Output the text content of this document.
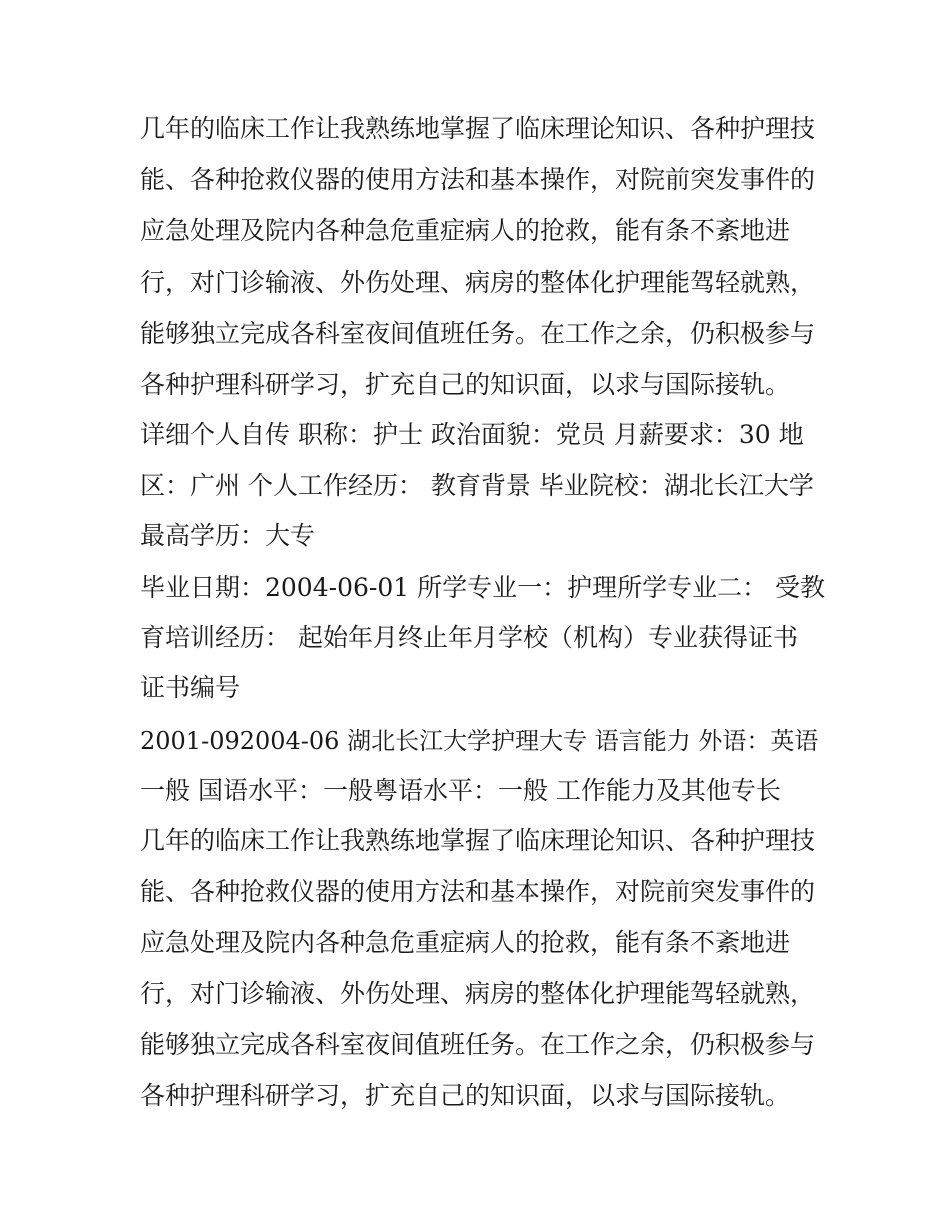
几年的临床工作让我熟练地掌握了临床理论知识、各种护理技
能、各种抢救仪器的使用方法和基本操作，对院前突发事件的
应急处理及院内各种急危重症病人的抢救，能有条不紊地进
行，对门诊输液、外伤处理、病房的整体化护理能驾轻就熟，
能够独立完成各科室夜间值班任务。在工作之余，仍积极参与
各种护理科研学习，扩充自己的知识面，以求与国际接轨。
详细个人自传 职称：护士 政治面貌：党员 月薪要求：30 地
区：广州 个人工作经历： 教育背景 毕业院校：湖北长江大学
最高学历：大专
毕业日期：2004-06-01 所学专业一：护理所学专业二： 受教
育培训经历： 起始年月终止年月学校（机构）专业获得证书
证书编号
2001-092004-06 湖北长江大学护理大专 语言能力 外语：英语
一般 国语水平：一般粤语水平：一般 工作能力及其他专长
几年的临床工作让我熟练地掌握了临床理论知识、各种护理技
能、各种抢救仪器的使用方法和基本操作，对院前突发事件的
应急处理及院内各种急危重症病人的抢救，能有条不紊地进
行，对门诊输液、外伤处理、病房的整体化护理能驾轻就熟，
能够独立完成各科室夜间值班任务。在工作之余，仍积极参与
各种护理科研学习，扩充自己的知识面，以求与国际接轨。
